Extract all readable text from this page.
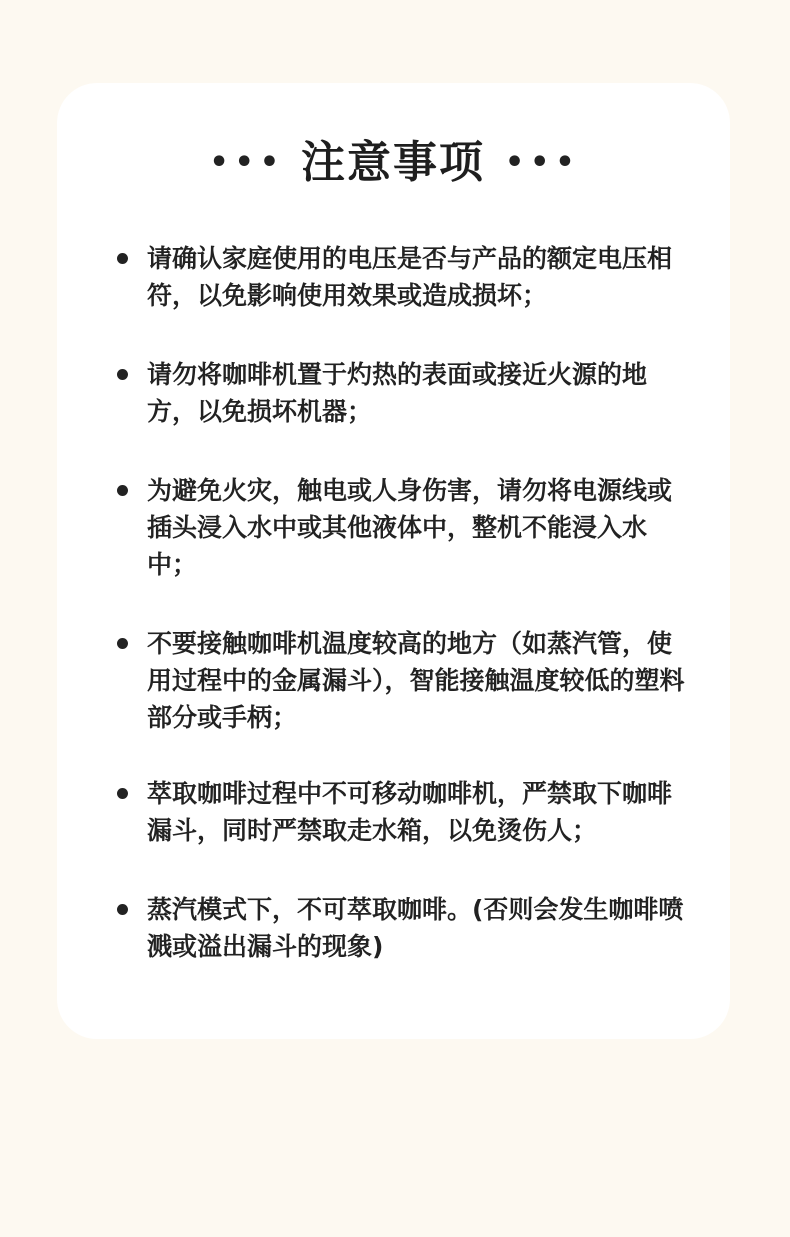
••• 注意事项 •••
请确认家庭使用的电压是否与产品的额定电压相符，以免影响使用效果或造成损坏；
请勿将咖啡机置于灼热的表面或接近火源的地方，以免损坏机器；
为避免火灾，触电或人身伤害，请勿将电源线或插头浸入水中或其他液体中，整机不能浸入水中；
不要接触咖啡机温度较高的地方（如蒸汽管，使用过程中的金属漏斗），智能接触温度较低的塑料部分或手柄；
萃取咖啡过程中不可移动咖啡机，严禁取下咖啡漏斗，同时严禁取走水箱，以免烫伤人；
蒸汽模式下，不可萃取咖啡。(否则会发生咖啡喷溅或溢出漏斗的现象)
